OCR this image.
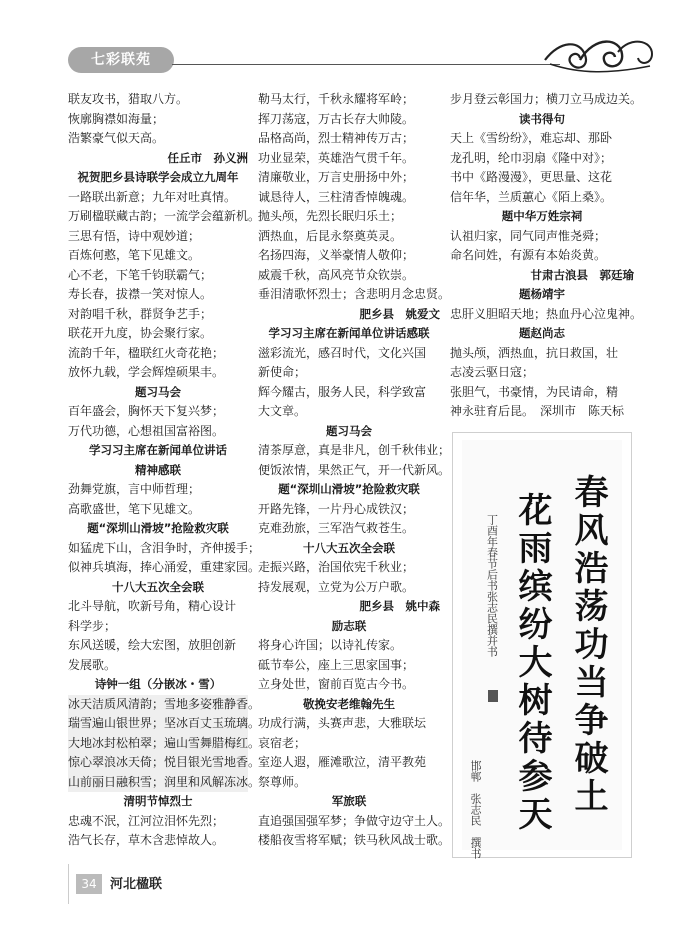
七彩联苑

联友攻书，猎取八方。

恢廓胸襟如海量；

浩繁豪气似天高。

任丘市　孙义洲

祝贺肥乡县诗联学会成立九周年

一路联出新意；九年对吐真情。

万刷楹联藏古韵；一流学会蕴新机。

三思有悟，诗中观妙道；

百炼何憨，笔下见雄文。

心不老，下笔千钧联霸气；

寿长春，拔襟一笑对惊人。

对韵唱千秋，群贤争艺手；

联花开九度，协会聚行家。

流韵千年，楹联红火奇花艳；

放怀九载，学会辉煌硕果丰。

题习马会

百年盛会，胸怀天下复兴梦；

万代功德，心想祖国富裕图。

学习习主席在新闻单位讲话

精神感联

劲舞党旗，言中师哲理；

高歌盛世，笔下见雄文。

题“深圳山滑坡”抢险救灾联

如猛虎下山，含泪争时，齐伸援手；

似神兵填海，捧心涌爱，重建家园。

十八大五次全会联

北斗导航，吹新号角，精心设计

科学步；

东风送暖，绘大宏图，放胆创新

发展歌。

诗钟一组（分嵌冰・雪）

冰天洁质风清韵；雪地多姿雅静香。

瑞雪遍山银世界；坚冰百丈玉琉璃。

大地冰封松柏翠；遍山雪舞腊梅红。

惊心翠浪冰天倚；悦目银光雪地香。

山前丽日融积雪；润里和风解冻冰。

清明节悼烈士

忠魂不泯，江河泣泪怀先烈；

浩气长存，草木含悲悼故人。

勒马太行，千秋永耀将军岭；

挥刀荡寇，万古长存大帅陵。

品格高尚，烈士精神传万古；

功业显荣，英雄浩气贯千年。

清廉敬业，万言史册扬中外；

诚恳待人，三柱清香悼魄魂。

抛头颅，先烈长眠归乐土；

洒热血，后昆永祭奠英灵。

名扬四海，义举豪情人敬仰；

威震千秋，高风亮节众钦崇。

垂泪清歌怀烈士；含悲明月念忠贤。

肥乡县　姚爱文

学习习主席在新闻单位讲话感联

滋彩流光，感召时代，文化兴国

新使命；

辉今耀古，服务人民，科学致富

大文章。

题习马会

清茶厚意，真是非凡，创千秋伟业；

便饭浓情，果然正气，开一代新风。

题“深圳山滑坡”抢险救灾联

开路先锋，一片丹心成铁汉；

克难劲旅，三军浩气救苍生。

十八大五次全会联

走振兴路，治国依宪千秋业；

持发展观，立党为公万户歌。

肥乡县　姚中森

励志联

将身心许国；以诗礼传家。

砥节奉公，座上三思家国事；

立身处世，窗前百览古今书。

敬挽安老维翰先生

功成行满，头赛声悲，大雅联坛

哀宿老；

室迩人遐，雁滩歌泣，清平教苑

祭尊师。

军旅联

直追强国强军梦；争做守边守土人。

楼船夜雪将军赋；铁马秋风战士歌。

步月登云彰国力；横刀立马成边关。

读书得句

天上《雪纷纷》，难忘却、那卧

龙孔明，纶巾羽扇《隆中对》；

书中《路漫漫》，更思量、这花

信年华，兰质蕙心《陌上桑》。

题中华万姓宗祠

认祖归家，同气同声惟尧舜；

命名问姓，有源有本始炎黄。

甘肃古浪县　郭廷瑜

题杨靖宇

忠肝义胆昭天地；热血丹心泣鬼神。

题赵尚志

抛头颅，洒热血，抗日救国，壮

志凌云驱日寇；

张胆气，书豪情，为民请命，精

神永驻育后昆。　深圳市　陈天标

春风浩荡功当争破土
花雨缤纷大树待参天
丁酉年春节后书张志民撰并书
邯郸　张志民　撰书
34	河北楹联
